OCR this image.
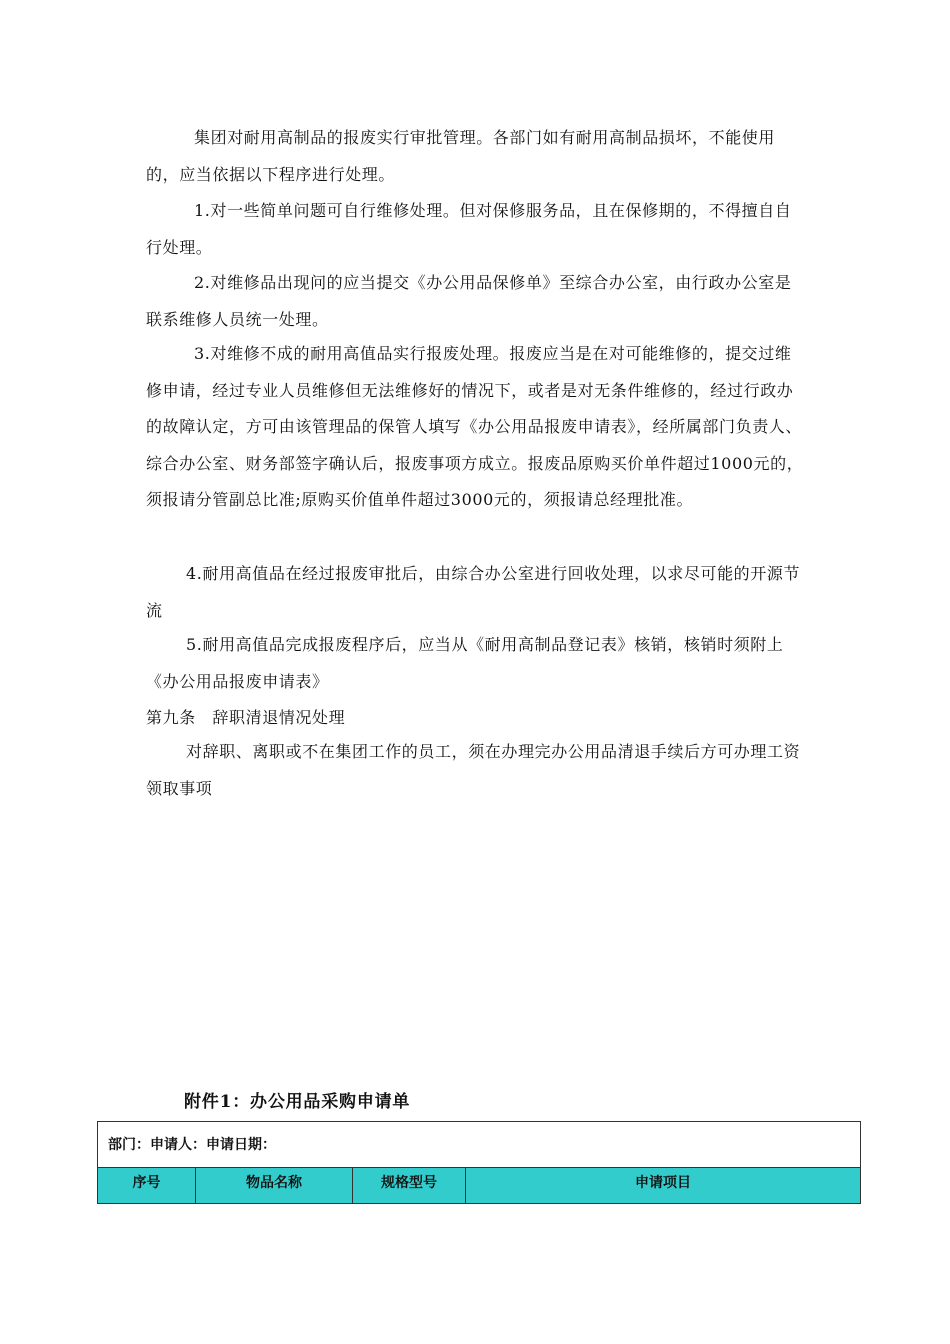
集团对耐用高制品的报废实行审批管理。各部门如有耐用高制品损坏，不能使用的，应当依据以下程序进行处理。

1.对一些简单问题可自行维修处理。但对保修服务品，且在保修期的，不得擅自自行处理。

2.对维修品出现问的应当提交《办公用品保修单》至综合办公室，由行政办公室是联系维修人员统一处理。

3.对维修不成的耐用高值品实行报废处理。报废应当是在对可能维修的，提交过维修申请，经过专业人员维修但无法维修好的情况下，或者是对无条件维修的，经过行政办的故障认定，方可由该管理品的保管人填写《办公用品报废申请表》，经所属部门负责人、综合办公室、财务部签字确认后，报废事项方成立。报废品原购买价单件超过1000元的，须报请分管副总比准;原购买价值单件超过3000元的，须报请总经理批准。

4.耐用高值品在经过报废审批后，由综合办公室进行回收处理，以求尽可能的开源节流

5.耐用高值品完成报废程序后，应当从《耐用高制品登记表》核销，核销时须附上《办公用品报废申请表》

第九条　辞职清退情况处理

对辞职、离职或不在集团工作的员工，须在办理完办公用品清退手续后方可办理工资领取事项

附件1：办公用品采购申请单
部门：申请人：申请日期：
序号	物品名称	规格型号	申请项目
